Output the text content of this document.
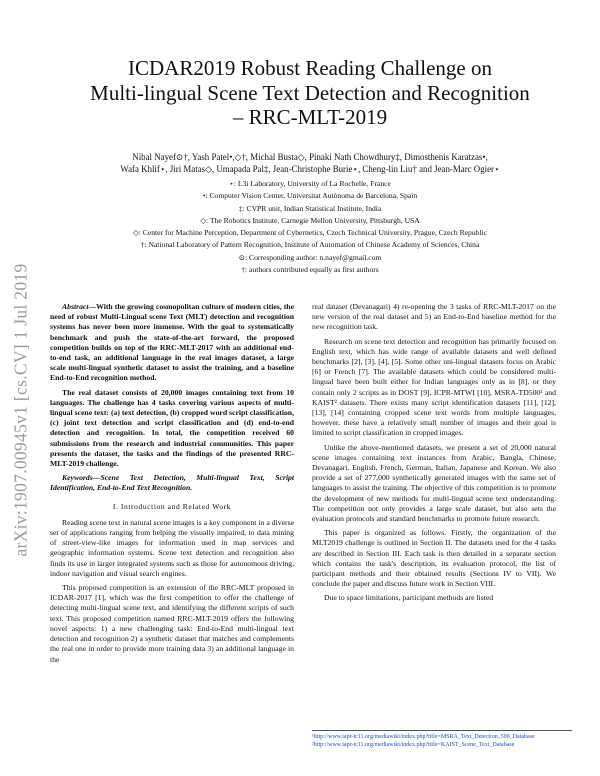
arXiv:1907.00945v1 [cs.CV] 1 Jul 2019
ICDAR2019 Robust Reading Challenge on
Multi-lingual Scene Text Detection and Recognition
– RRC-MLT-2019
Nibal Nayef⊙†, Yash Patel•,◇†, Michal Busta◇, Pinaki Nath Chowdhury‡, Dimosthenis Karatzas•,
Wafa Khlif⋆, Jiri Matas◇, Umapada Pal‡, Jean-Christophe Burie⋆, Cheng-lin Liu† and Jean-Marc Ogier⋆
⋆: L3i Laboratory, University of La Rochelle, France
•: Computer Vision Center, Universitat Autònoma de Barcelona, Spain
‡: CVPR unit, Indian Statistical Institute, India
◇: The Robotics Institute, Carnegie Mellon University, Pittsburgh, USA
◇: Center for Machine Perception, Department of Cybernetics, Czech Technical University, Prague, Czech Republic
†: National Laboratory of Pattern Recognition, Institute of Automation of Chinese Academy of Sciences, China
⊙: Corresponding author: n.nayef@gmail.com
†: authors contributed equally as first authors

Abstract—With the growing cosmopolitan culture of modern cities, the need of robust Multi-Lingual scene Text (MLT) detection and recognition systems has never been more immense. With the goal to systematically benchmark and push the state-of-the-art forward, the proposed competition builds on top of the RRC-MLT-2017 with an additional end-to-end task, an additional language in the real images dataset, a large scale multi-lingual synthetic dataset to assist the training, and a baseline End-to-End recognition method.

The real dataset consists of 20,000 images containing text from 10 languages. The challenge has 4 tasks covering various aspects of multi-lingual scene text: (a) text detection, (b) cropped word script classification, (c) joint text detection and script classification and (d) end-to-end detection and recognition. In total, the competition received 60 submissions from the research and industrial communities. This paper presents the dataset, the tasks and the findings of the presented RRC-MLT-2019 challenge.

Keywords—Scene Text Detection, Multi-lingual Text, Script Identification, End-to-End Text Recognition.

I. Introduction and Related Work

Reading scene text in natural scene images is a key component in a diverse set of applications ranging from helping the visually impaired, to data mining of street-view-like images for information used in map services and geographic information systems. Scene text detection and recognition also finds its use in larger integrated systems such as those for autonomous driving, indoor navigation and visual search engines.

This proposed competition is an extension of the RRC-MLT proposed in ICDAR-2017 [1], which was the first competition to offer the challenge of detecting multi-lingual scene text, and identifying the different scripts of such text. This proposed competition named RRC-MLT-2019 offers the following novel aspects: 1) a new challenging task: End-to-End multi-lingual text detection and recognition 2) a synthetic dataset that matches and complements the real one in order to provide more training data 3) an additional language in the

real dataset (Devanagari) 4) re-opening the 3 tasks of RRC-MLT-2017 on the new version of the real dataset and 5) an End-to-End baseline method for the new recognition task.

Research on scene text detection and recognition has primarily focused on English text, which has wide range of available datasets and well defined benchmarks [2], [3], [4], [5]. Some other uni-lingual datasets focus on Arabic [6] or French [7]. The available datasets which could be considered multi-lingual have been built either for Indian languages only as in [8], or they contain only 2 scripts as in DOST [9], ICPR-MTWI [10], MSRA-TD500¹ and KAIST² datasets. There exists many script identification datasets [11], [12], [13], [14] containing cropped scene text words from multiple languages, however, these have a relatively small number of images and their goal is limited to script classification in cropped images.

Unlike the above-mentioned datasets, we present a set of 20,000 natural scene images containing text instances from Arabic, Bangla, Chinese, Devanagari, English, French, German, Italian, Japanese and Korean. We also provide a set of 277,000 synthetically generated images with the same set of languages to assist the training. The objective of this competition is to promote the development of new methods for multi-lingual scene text understanding. The competition not only provides a large scale dataset, but also sets the evaluation protocols and standard benchmarks to promote future research.

This paper is organized as follows. Firstly, the organization of the MLT2019 challenge is outlined in Section II. The datasets used for the 4 tasks are described in Section III. Each task is then detailed in a separate section which contains the task's description, its evaluation protocol, the list of participant methods and their obtained results (Sections IV to VII). We conclude the paper and discuss future work in Section VIII.

Due to space limitations, participant methods are listed

¹http://www.iapr-tc11.org/mediawiki/index.php?title=MSRA_Text_Detection_500_Database
²http://www.iapr-tc11.org/mediawiki/index.php?title=KAIST_Scene_Text_Database
